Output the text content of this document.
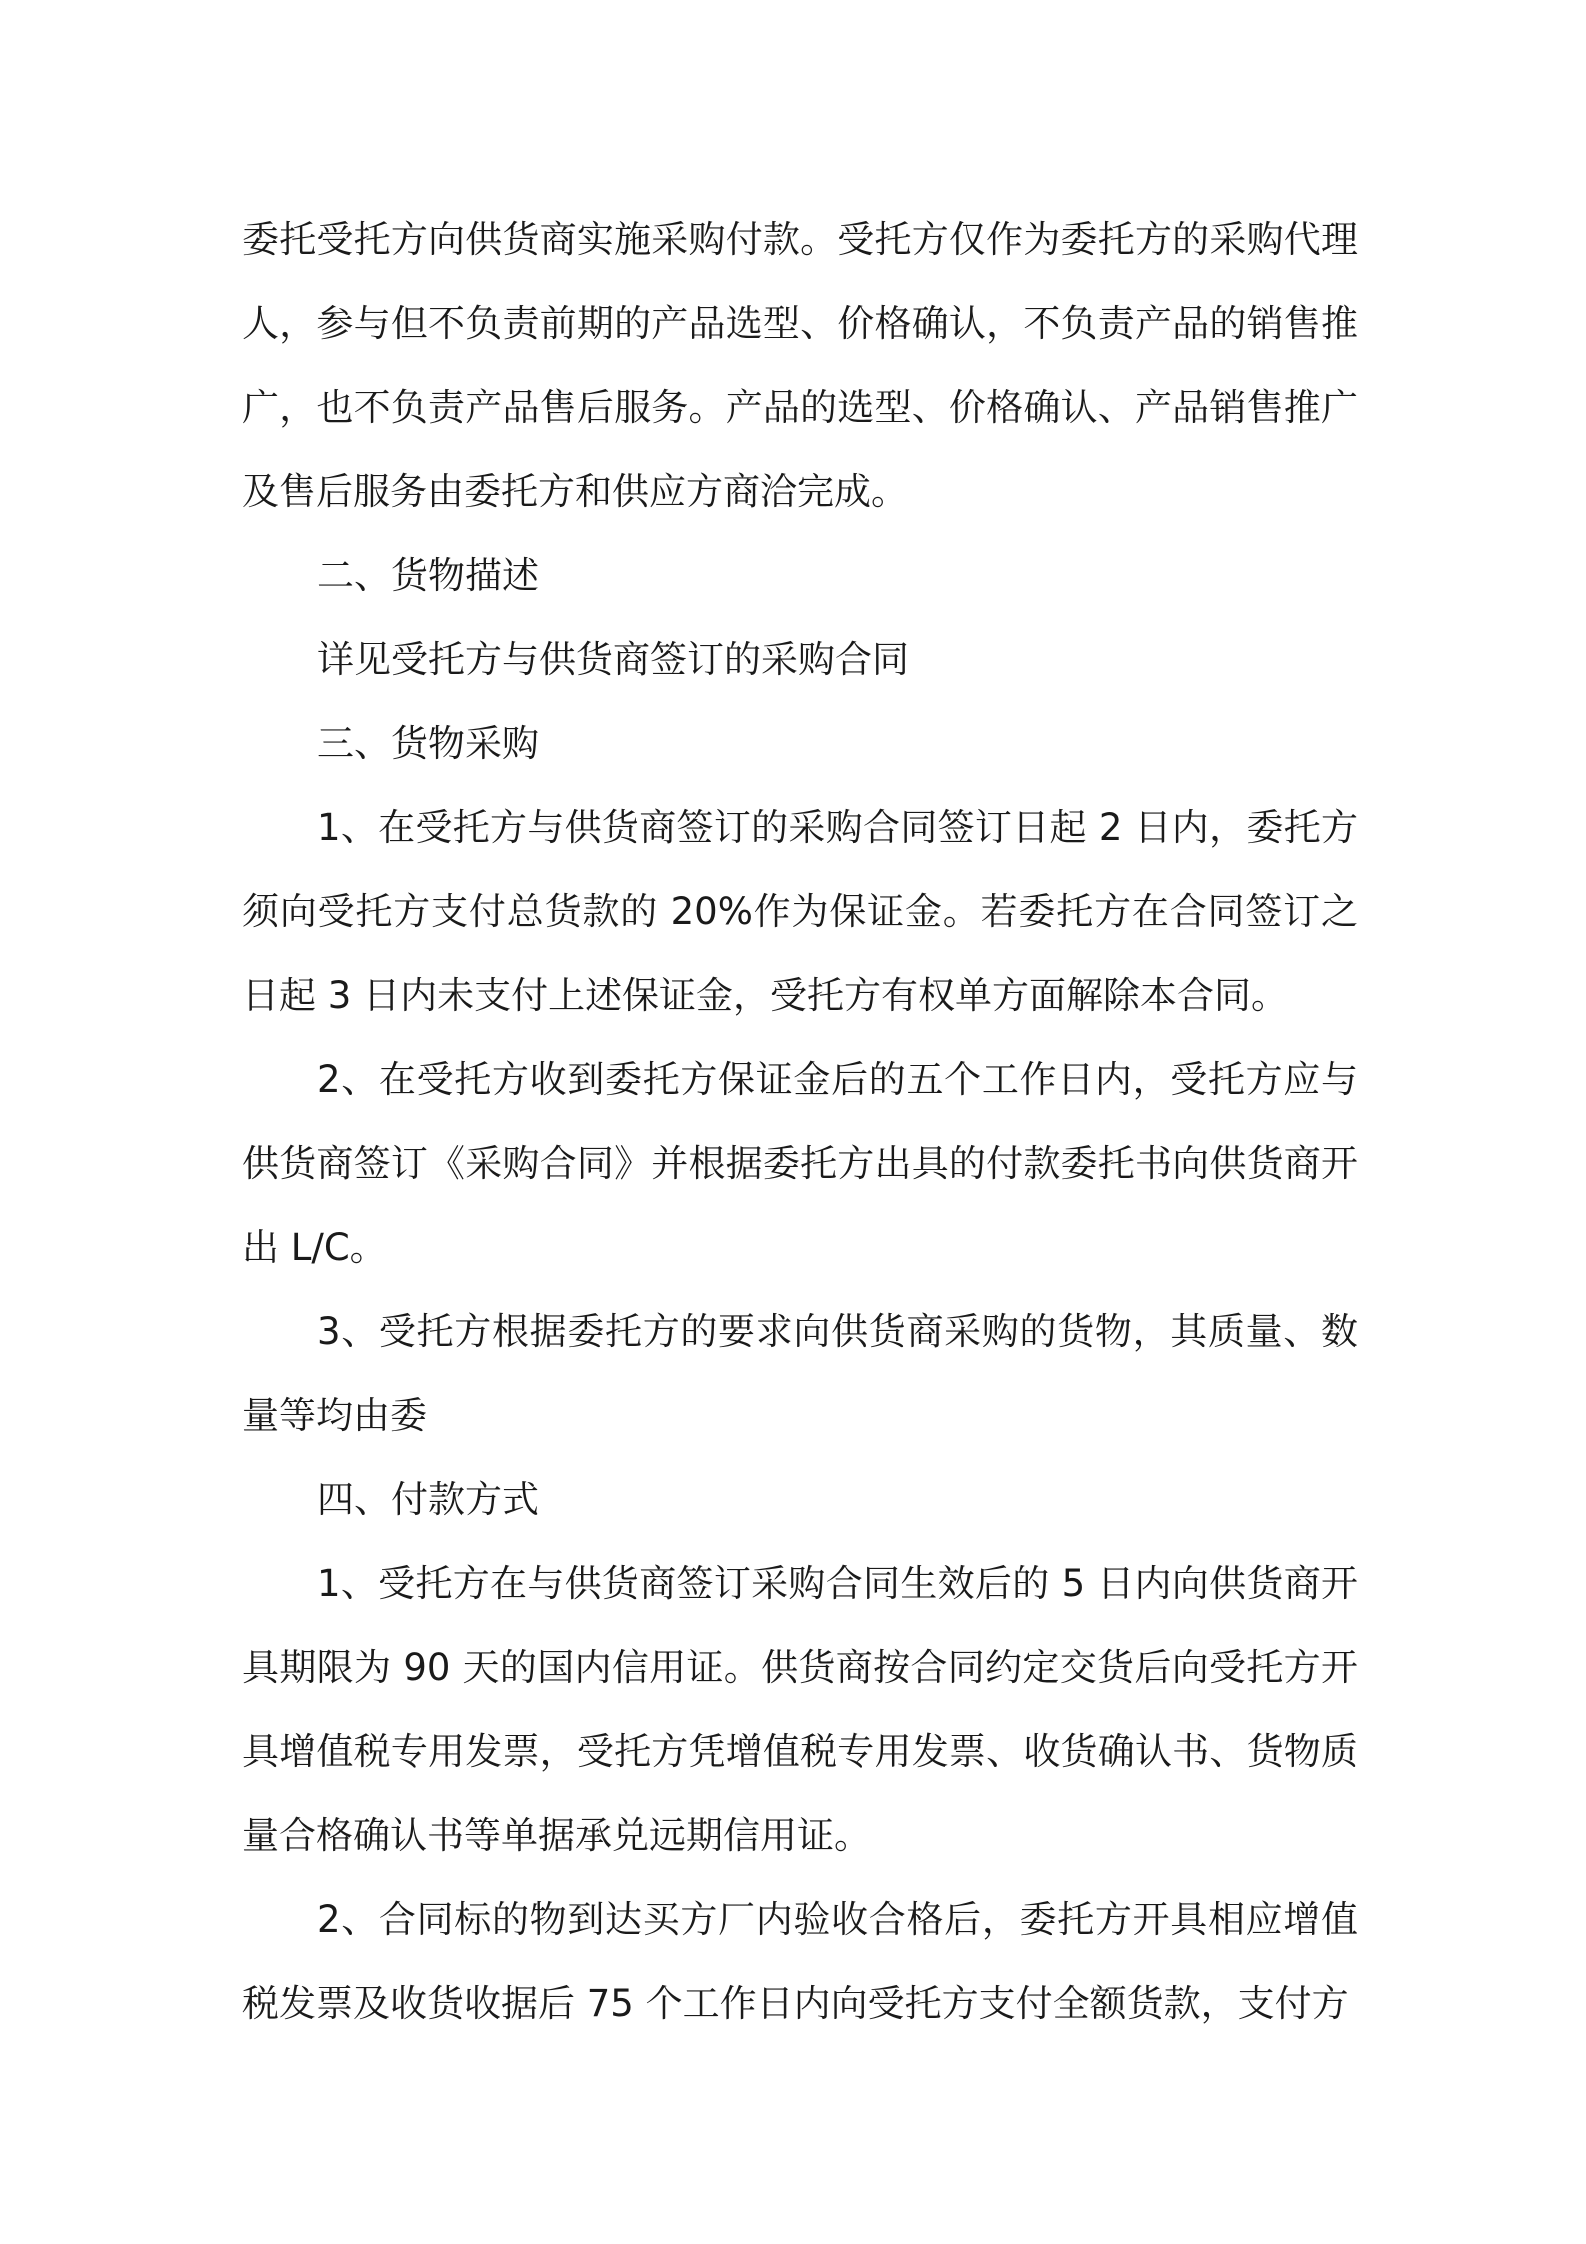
委托受托方向供货商实施采购付款。受托方仅作为委托方的采购代理人，参与但不负责前期的产品选型、价格确认，不负责产品的销售推广，也不负责产品售后服务。产品的选型、价格确认、产品销售推广及售后服务由委托方和供应方商洽完成。

二、货物描述

详见受托方与供货商签订的采购合同

三、货物采购

1、在受托方与供货商签订的采购合同签订日起 2 日内，委托方须向受托方支付总货款的 20%作为保证金。若委托方在合同签订之日起 3 日内未支付上述保证金，受托方有权单方面解除本合同。

2、在受托方收到委托方保证金后的五个工作日内，受托方应与供货商签订《采购合同》并根据委托方出具的付款委托书向供货商开出 L/C。

3、受托方根据委托方的要求向供货商采购的货物，其质量、数量等均由委

四、付款方式

1、受托方在与供货商签订采购合同生效后的 5 日内向供货商开具期限为 90 天的国内信用证。供货商按合同约定交货后向受托方开具增值税专用发票，受托方凭增值税专用发票、收货确认书、货物质量合格确认书等单据承兑远期信用证。

2、合同标的物到达买方厂内验收合格后，委托方开具相应增值税发票及收货收据后 75 个工作日内向受托方支付全额货款，支付方
